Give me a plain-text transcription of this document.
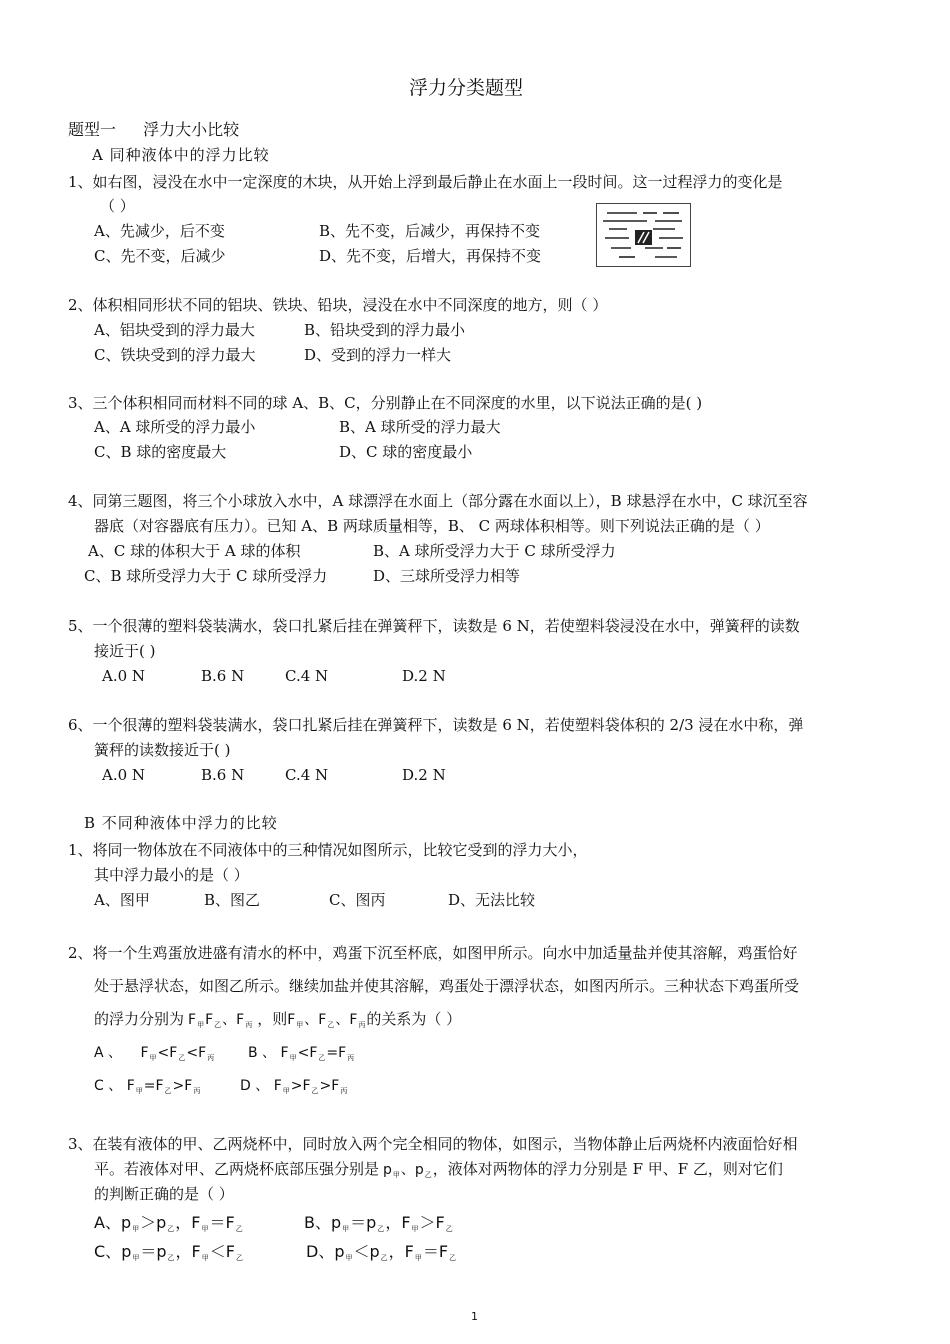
浮力分类题型
题型一 浮力大小比较
A 同种液体中的浮力比较
1、如右图，浸没在水中一定深度的木块，从开始上浮到最后静止在水面上一段时间。这一过程浮力的变化是
（ ）
A、先减少，后不变	B、先不变，后减少，再保持不变
C、先不变，后减少	D、先不变，后增大，再保持不变
2、体积相同形状不同的铝块、铁块、铅块，浸没在水中不同深度的地方，则（ ）
A、铝块受到的浮力最大	B、铅块受到的浮力最小
C、铁块受到的浮力最大	D、受到的浮力一样大
3、三个体积相同而材料不同的球 A、B、C，分别静止在不同深度的水里，以下说法正确的是( )
A、A 球所受的浮力最小	B、A 球所受的浮力最大
C、B 球的密度最大	D、C 球的密度最小
4、同第三题图，将三个小球放入水中，A 球漂浮在水面上（部分露在水面以上），B 球悬浮在水中，C 球沉至容
器底（对容器底有压力）。已知 A、B 两球质量相等，B、 C 两球体积相等。则下列说法正确的是（ ）
A、C 球的体积大于 A 球的体积	B、A 球所受浮力大于 C 球所受浮力
C、B 球所受浮力大于 C 球所受浮力	D、三球所受浮力相等
5、一个很薄的塑料袋装满水，袋口扎紧后挂在弹簧秤下，读数是 6 N，若使塑料袋浸没在水中，弹簧秤的读数
接近于( )
A.0 N	B.6 N	C.4 N	D.2 N
6、一个很薄的塑料袋装满水，袋口扎紧后挂在弹簧秤下，读数是 6 N，若使塑料袋体积的 2/3 浸在水中称，弹
簧秤的读数接近于( )
A.0 N	B.6 N	C.4 N	D.2 N
B 不同种液体中浮力的比较
1、将同一物体放在不同液体中的三种情况如图所示，比较它受到的浮力大小，
其中浮力最小的是（ ）
A、图甲	B、图乙	C、图丙	D、无法比较
2、将一个生鸡蛋放进盛有清水的杯中，鸡蛋下沉至杯底，如图甲所示。向水中加适量盐并使其溶解，鸡蛋恰好
处于悬浮状态，如图乙所示。继续加盐并使其溶解，鸡蛋处于漂浮状态，如图丙所示。三种状态下鸡蛋所受
的浮力分别为 $F_甲F_乙$、$F_丙$ ，则$F_甲$、$F_乙$、$F_丙$的关系为（ ）
A 、 $F_甲<F_乙<F_丙$ B 、 $F_甲<F_乙=F_丙$
C 、 $F_甲=F_乙>F_丙$	D 、 $F_甲>F_乙>F_丙$
3、在装有液体的甲、乙两烧杯中，同时放入两个完全相同的物体，如图示，当物体静止后两烧杯内液面恰好相
平。若液体对甲、乙两烧杯底部压强分别是 $p_甲$、$p_乙$，液体对两物体的浮力分别是 F 甲、F 乙，则对它们
的判断正确的是（ ）
A、$p_甲>p_乙$，$F_甲=F_乙$	B、$p_甲=p_乙$，$F_甲>F_乙$
C、$p_甲=p_乙$，$F_甲<F_乙$	D、$p_甲<p_乙$，$F_甲=F_乙$
1
